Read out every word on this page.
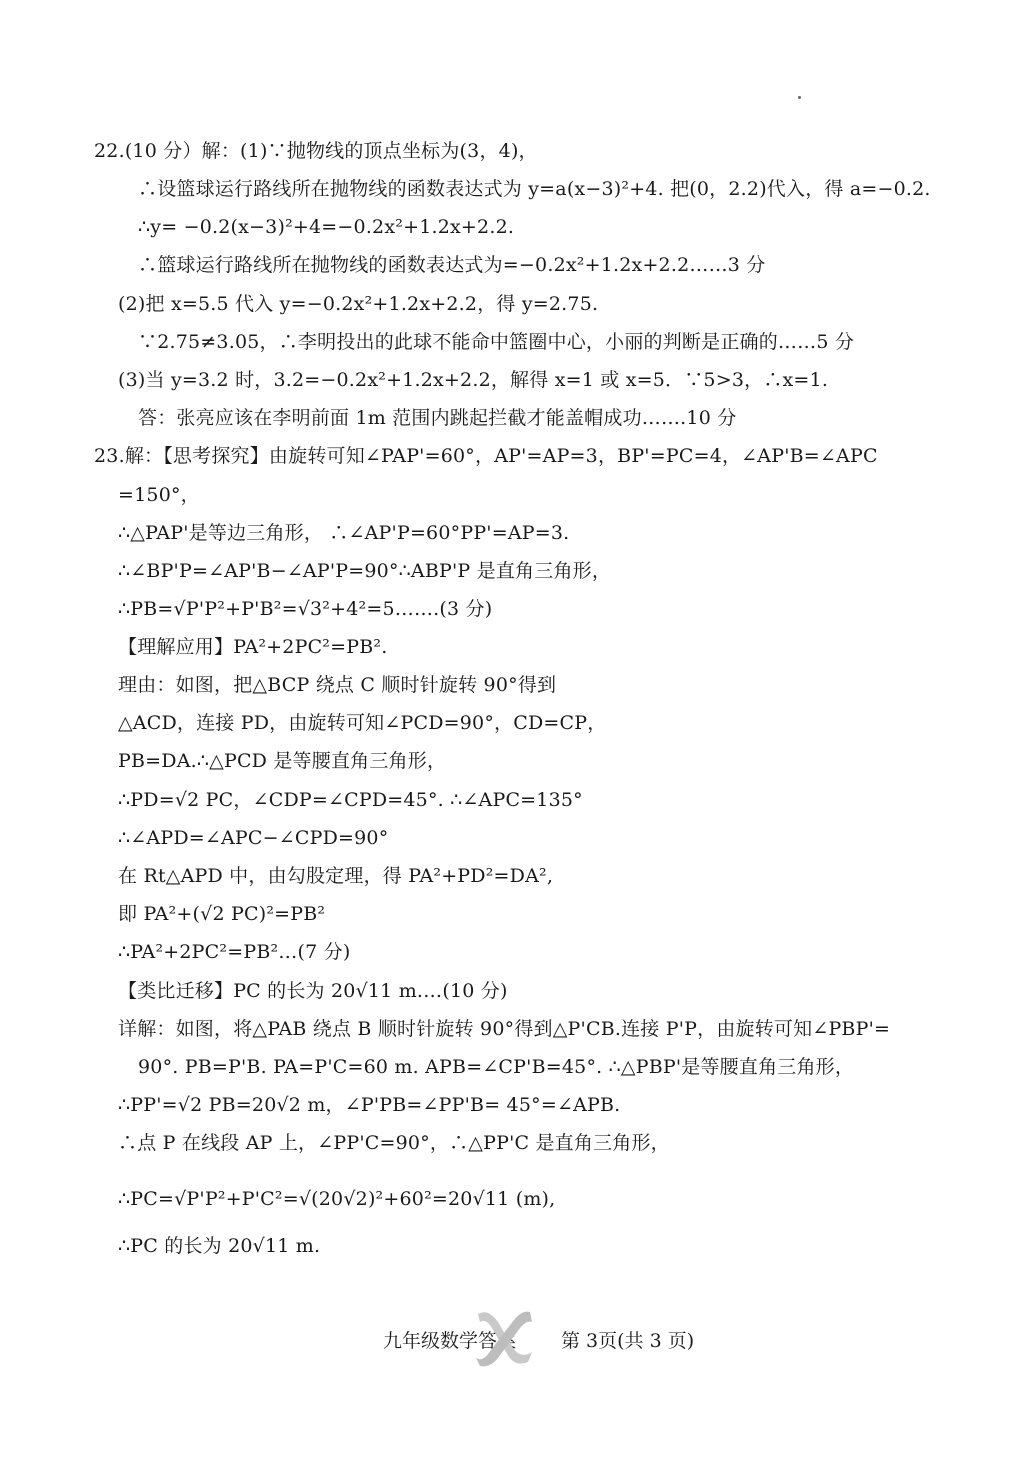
22.(10 分）解：(1)∵抛物线的顶点坐标为(3，4)，
∴设篮球运行路线所在抛物线的函数表达式为 y=a(x−3)²+4. 把(0，2.2)代入，得 a=−0.2.
∴y= −0.2(x−3)²+4=−0.2x²+1.2x+2.2.
∴篮球运行路线所在抛物线的函数表达式为=−0.2x²+1.2x+2.2……3 分
(2)把 x=5.5 代入 y=−0.2x²+1.2x+2.2，得 y=2.75.
∵2.75≠3.05，∴李明投出的此球不能命中篮圈中心，小丽的判断是正确的……5 分
(3)当 y=3.2 时，3.2=−0.2x²+1.2x+2.2，解得 x=1 或 x=5．∵5>3，∴x=1.
答：张亮应该在李明前面 1m 范围内跳起拦截才能盖帽成功…….10 分
23.解：【思考探究】由旋转可知∠PAP'=60°，AP'=AP=3，BP'=PC=4，∠AP'B=∠APC
=150°，
∴△PAP'是等边三角形， ∴∠AP'P=60°PP'=AP=3.
∴∠BP'P=∠AP'B−∠AP'P=90°∴ABP'P 是直角三角形，
∴PB=√P'P²+P'B²=√3²+4²=5…….(3 分)
【理解应用】PA²+2PC²=PB².
理由：如图，把△BCP 绕点 C 顺时针旋转 90°得到
△ACD，连接 PD，由旋转可知∠PCD=90°，CD=CP，
PB=DA.∴△PCD 是等腰直角三角形，
∴PD=√2 PC，∠CDP=∠CPD=45°. ∴∠APC=135°
∴∠APD=∠APC−∠CPD=90°
在 Rt△APD 中，由勾股定理，得 PA²+PD²=DA²,
即 PA²+(√2 PC)²=PB²
∴PA²+2PC²=PB²…(7 分)
【类比迁移】PC 的长为 20√11 m.…(10 分)
详解：如图，将△PAB 绕点 B 顺时针旋转 90°得到△P'CB.连接 P'P，由旋转可知∠PBP'=
90°. PB=P'B. PA=P'C=60 m. APB=∠CP'B=45°. ∴△PBP'是等腰直角三角形，
∴PP'=√2 PB=20√2 m，∠P'PB=∠PP'B= 45°=∠APB.
∴点 P 在线段 AP 上，∠PP'C=90°，∴△PP'C 是直角三角形，
∴PC=√P'P²+P'C²=√(20√2)²+60²=20√11 (m),
∴PC 的长为 20√11 m.
九年级数学答案 第 3页(共 3 页)
